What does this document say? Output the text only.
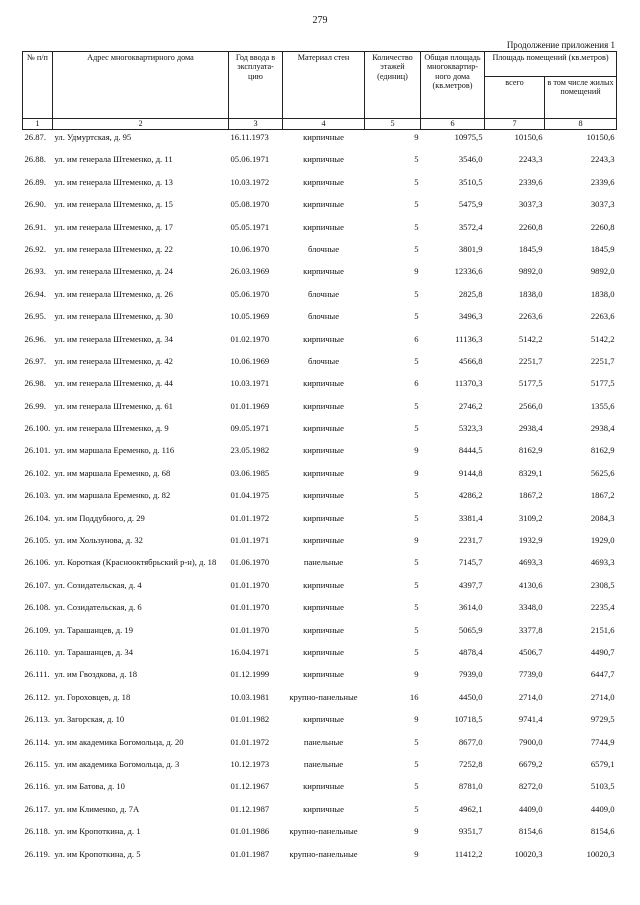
279
Продолжение приложения 1
№ п/п	Адрес многоквартирного дома	Год ввода в эксплуата- цию	Материал стен	Количество этажей (единиц)	Общая площадь многоквартир- ного дома (кв.метров)	Площадь помещений (кв.метров)	
						всего	в том числе жилых помещений
1	2	3	4	5	6	7	8
26.87.	ул. Удмуртская, д. 95	16.11.1973	кирпичные	9	10975,5	10150,6	10150,6
26.88.	ул. им генерала Штеменко, д. 11	05.06.1971	кирпичные	5	3546,0	2243,3	2243,3
26.89.	ул. им генерала Штеменко, д. 13	10.03.1972	кирпичные	5	3510,5	2339,6	2339,6
26.90.	ул. им генерала Штеменко, д. 15	05.08.1970	кирпичные	5	5475,9	3037,3	3037,3
26.91.	ул. им генерала Штеменко, д. 17	05.05.1971	кирпичные	5	3572,4	2260,8	2260,8
26.92.	ул. им генерала Штеменко, д. 22	10.06.1970	блочные	5	3801,9	1845,9	1845,9
26.93.	ул. им генерала Штеменко, д. 24	26.03.1969	кирпичные	9	12336,6	9892,0	9892,0
26.94.	ул. им генерала Штеменко, д. 26	05.06.1970	блочные	5	2825,8	1838,0	1838,0
26.95.	ул. им генерала Штеменко, д. 30	10.05.1969	блочные	5	3496,3	2263,6	2263,6
26.96.	ул. им генерала Штеменко, д. 34	01.02.1970	кирпичные	6	11136,3	5142,2	5142,2
26.97.	ул. им генерала Штеменко, д. 42	10.06.1969	блочные	5	4566,8	2251,7	2251,7
26.98.	ул. им генерала Штеменко, д. 44	10.03.1971	кирпичные	6	11370,3	5177,5	5177,5
26.99.	ул. им генерала Штеменко, д. 61	01.01.1969	кирпичные	5	2746,2	2566,0	1355,6
26.100.	ул. им генерала Штеменко, д. 9	09.05.1971	кирпичные	5	5323,3	2938,4	2938,4
26.101.	ул. им маршала Еременко, д. 116	23.05.1982	кирпичные	9	8444,5	8162,9	8162,9
26.102.	ул. им маршала Еременко, д. 68	03.06.1985	кирпичные	9	9144,8	8329,1	5625,6
26.103.	ул. им маршала Еременко, д. 82	01.04.1975	кирпичные	5	4286,2	1867,2	1867,2
26.104.	ул. им Поддубного, д. 29	01.01.1972	кирпичные	5	3381,4	3109,2	2084,3
26.105.	ул. им Хользунова, д. 32	01.01.1971	кирпичные	9	2231,7	1932,9	1929,0
26.106.	ул. Короткая (Краснооктябрьский р-н), д. 18	01.06.1970	панельные	5	7145,7	4693,3	4693,3
26.107.	ул. Созидательская, д. 4	01.01.1970	кирпичные	5	4397,7	4130,6	2308,5
26.108.	ул. Созидательская, д. 6	01.01.1970	кирпичные	5	3614,0	3348,0	2235,4
26.109.	ул. Тарашанцев, д. 19	01.01.1970	кирпичные	5	5065,9	3377,8	2151,6
26.110.	ул. Тарашанцев, д. 34	16.04.1971	кирпичные	5	4878,4	4506,7	4490,7
26.111.	ул. им Гвоздкова, д. 18	01.12.1999	кирпичные	9	7939,0	7739,0	6447,7
26.112.	ул. Гороховцев, д. 18	10.03.1981	крупно-панельные	16	4450,0	2714,0	2714,0
26.113.	ул. Загорская, д. 10	01.01.1982	кирпичные	9	10718,5	9741,4	9729,5
26.114.	ул. им академика Богомольца, д. 20	01.01.1972	панельные	5	8677,0	7900,0	7744,9
26.115.	ул. им академика Богомольца, д. 3	10.12.1973	панельные	5	7252,8	6679,2	6579,1
26.116.	ул. им Батова, д. 10	01.12.1967	кирпичные	5	8781,0	8272,0	5103,5
26.117.	ул. им Клименко, д. 7А	01.12.1987	кирпичные	5	4962,1	4409,0	4409,0
26.118.	ул. им Кропоткина, д. 1	01.01.1986	крупно-панельные	9	9351,7	8154,6	8154,6
26.119.	ул. им Кропоткина, д. 5	01.01.1987	крупно-панельные	9	11412,2	10020,3	10020,3
